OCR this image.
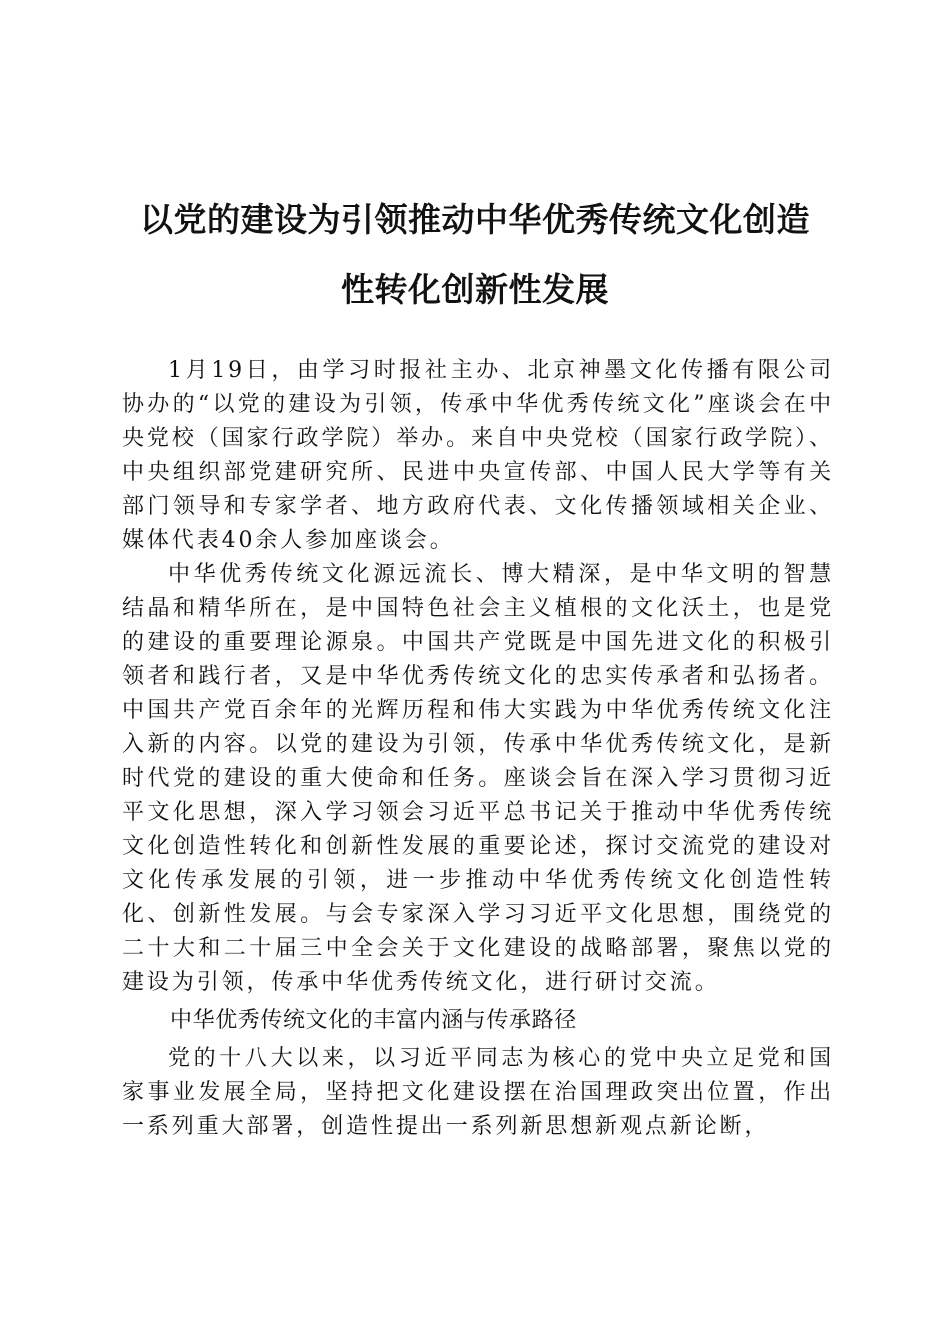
以党的建设为引领推动中华优秀传统文化创造
性转化创新性发展

1月19日，由学习时报社主办、北京神墨文化传播有限公司协办的“以党的建设为引领，传承中华优秀传统文化”座谈会在中央党校（国家行政学院）举办。来自中央党校（国家行政学院）、中央组织部党建研究所、民进中央宣传部、中国人民大学等有关部门领导和专家学者、地方政府代表、文化传播领域相关企业、媒体代表40余人参加座谈会。

中华优秀传统文化源远流长、博大精深，是中华文明的智慧结晶和精华所在，是中国特色社会主义植根的文化沃土，也是党的建设的重要理论源泉。中国共产党既是中国先进文化的积极引领者和践行者，又是中华优秀传统文化的忠实传承者和弘扬者。中国共产党百余年的光辉历程和伟大实践为中华优秀传统文化注入新的内容。以党的建设为引领，传承中华优秀传统文化，是新时代党的建设的重大使命和任务。座谈会旨在深入学习贯彻习近平文化思想，深入学习领会习近平总书记关于推动中华优秀传统文化创造性转化和创新性发展的重要论述，探讨交流党的建设对文化传承发展的引领，进一步推动中华优秀传统文化创造性转化、创新性发展。与会专家深入学习习近平文化思想，围绕党的二十大和二十届三中全会关于文化建设的战略部署，聚焦以党的建设为引领，传承中华优秀传统文化，进行研讨交流。

中华优秀传统文化的丰富内涵与传承路径

党的十八大以来，以习近平同志为核心的党中央立足党和国家事业发展全局，坚持把文化建设摆在治国理政突出位置，作出一系列重大部署，创造性提出一系列新思想新观点新论断，
